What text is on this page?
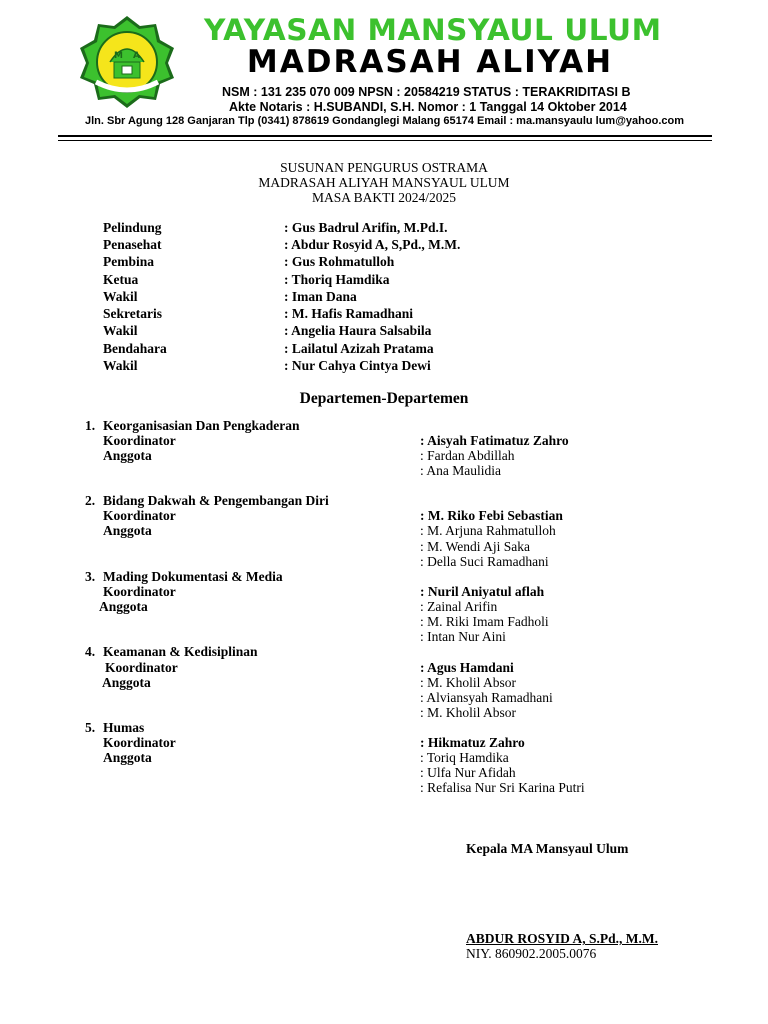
M A
YAYASAN MANSYAUL ULUM
MADRASAH ALIYAH
NSM : 131 235 070 009 NPSN : 20584219 STATUS : TERAKRIDITASI B
Akte Notaris : H.SUBANDI, S.H. Nomor : 1 Tanggal 14 Oktober 2014
Jln. Sbr Agung 128 Ganjaran Tlp (0341) 878619 Gondanglegi Malang 65174 Email : ma.mansyaulu lum@yahoo.com
SUSUNAN PENGURUS OSTRAMA
MADRASAH ALIYAH MANSYAUL ULUM
MASA BAKTI 2024/2025
Pelindung	: Gus Badrul Arifin, M.Pd.I.
Penasehat	: Abdur Rosyid A, S,Pd., M.M.
Pembina	: Gus Rohmatulloh
Ketua	: Thoriq Hamdika
Wakil	: Iman Dana
Sekretaris	: M. Hafis Ramadhani
Wakil	: Angelia Haura Salsabila
Bendahara	: Lailatul Azizah Pratama
Wakil	: Nur Cahya Cintya Dewi
Departemen-Departemen
1. Keorganisasian Dan Pengkaderan
Koordinator	: Aisyah Fatimatuz Zahro
Anggota	: Fardan Abdillah
: Ana Maulidia
2. Bidang Dakwah & Pengembangan Diri
Koordinator	: M. Riko Febi Sebastian
Anggota	: M. Arjuna Rahmatulloh
: M. Wendi Aji Saka
: Della Suci Ramadhani
3. Mading Dokumentasi & Media
Koordinator	: Nuril Aniyatul aflah
Anggota	: Zainal Arifin
: M. Riki Imam Fadholi
: Intan Nur Aini
4. Keamanan & Kedisiplinan
Koordinator	: Agus Hamdani
Anggota	: M. Kholil Absor
: Alviansyah Ramadhani
: M. Kholil Absor
5. Humas
Koordinator	: Hikmatuz Zahro
Anggota	: Toriq Hamdika
: Ulfa Nur Afidah
: Refalisa Nur Sri Karina Putri
Kepala MA Mansyaul Ulum
ABDUR ROSYID A, S.Pd., M.M.
NIY. 860902.2005.0076
